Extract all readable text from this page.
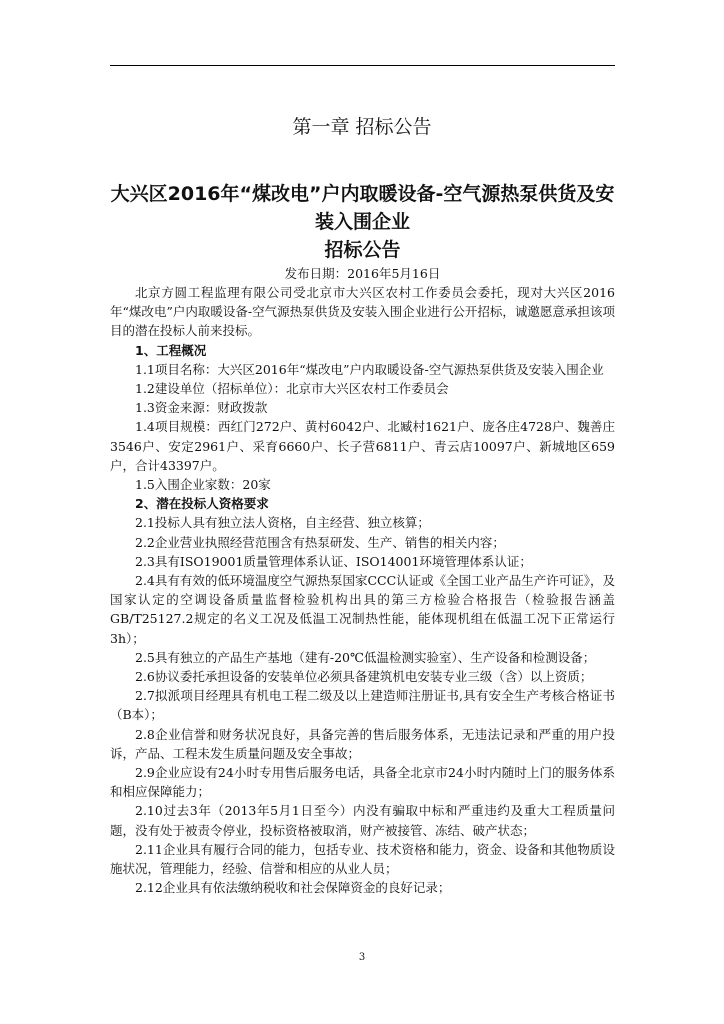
第一章 招标公告
大兴区2016年“煤改电”户内取暖设备-空气源热泵供货及安
装入围企业
招标公告
发布日期：2016年5月16日

北京方圆工程监理有限公司受北京市大兴区农村工作委员会委托，现对大兴区2016年“煤改电”户内取暖设备-空气源热泵供货及安装入围企业进行公开招标，诚邀愿意承担该项目的潜在投标人前来投标。

1、工程概况

1.1项目名称：大兴区2016年“煤改电”户内取暖设备-空气源热泵供货及安装入围企业

1.2建设单位（招标单位）：北京市大兴区农村工作委员会

1.3资金来源：财政拨款

1.4项目规模：西红门272户、黄村6042户、北臧村1621户、庞各庄4728户、魏善庄3546户、安定2961户、采育6660户、长子营6811户、青云店10097户、新城地区659户，合计43397户。

1.5入围企业家数：20家

2、潜在投标人资格要求

2.1投标人具有独立法人资格，自主经营、独立核算；

2.2企业营业执照经营范围含有热泵研发、生产、销售的相关内容；

2.3具有ISO19001质量管理体系认证、ISO14001环境管理体系认证；

2.4具有有效的低环境温度空气源热泵国家CCC认证或《全国工业产品生产许可证》，及国家认定的空调设备质量监督检验机构出具的第三方检验合格报告（检验报告涵盖GB/T25127.2规定的名义工况及低温工况制热性能，能体现机组在低温工况下正常运行3h）；

2.5具有独立的产品生产基地（建有-20℃低温检测实验室）、生产设备和检测设备；

2.6协议委托承担设备的安装单位必须具备建筑机电安装专业三级（含）以上资质；

2.7拟派项目经理具有机电工程二级及以上建造师注册证书,具有安全生产考核合格证书（B本）；

2.8企业信誉和财务状况良好，具备完善的售后服务体系，无违法记录和严重的用户投诉，产品、工程未发生质量问题及安全事故；

2.9企业应设有24小时专用售后服务电话，具备全北京市24小时内随时上门的服务体系和相应保障能力；

2.10过去3年（2013年5月1日至今）内没有骗取中标和严重违约及重大工程质量问题，没有处于被责令停业，投标资格被取消，财产被接管、冻结、破产状态；

2.11企业具有履行合同的能力，包括专业、技术资格和能力，资金、设备和其他物质设施状况，管理能力，经验、信誉和相应的从业人员；

2.12企业具有依法缴纳税收和社会保障资金的良好记录；

3
